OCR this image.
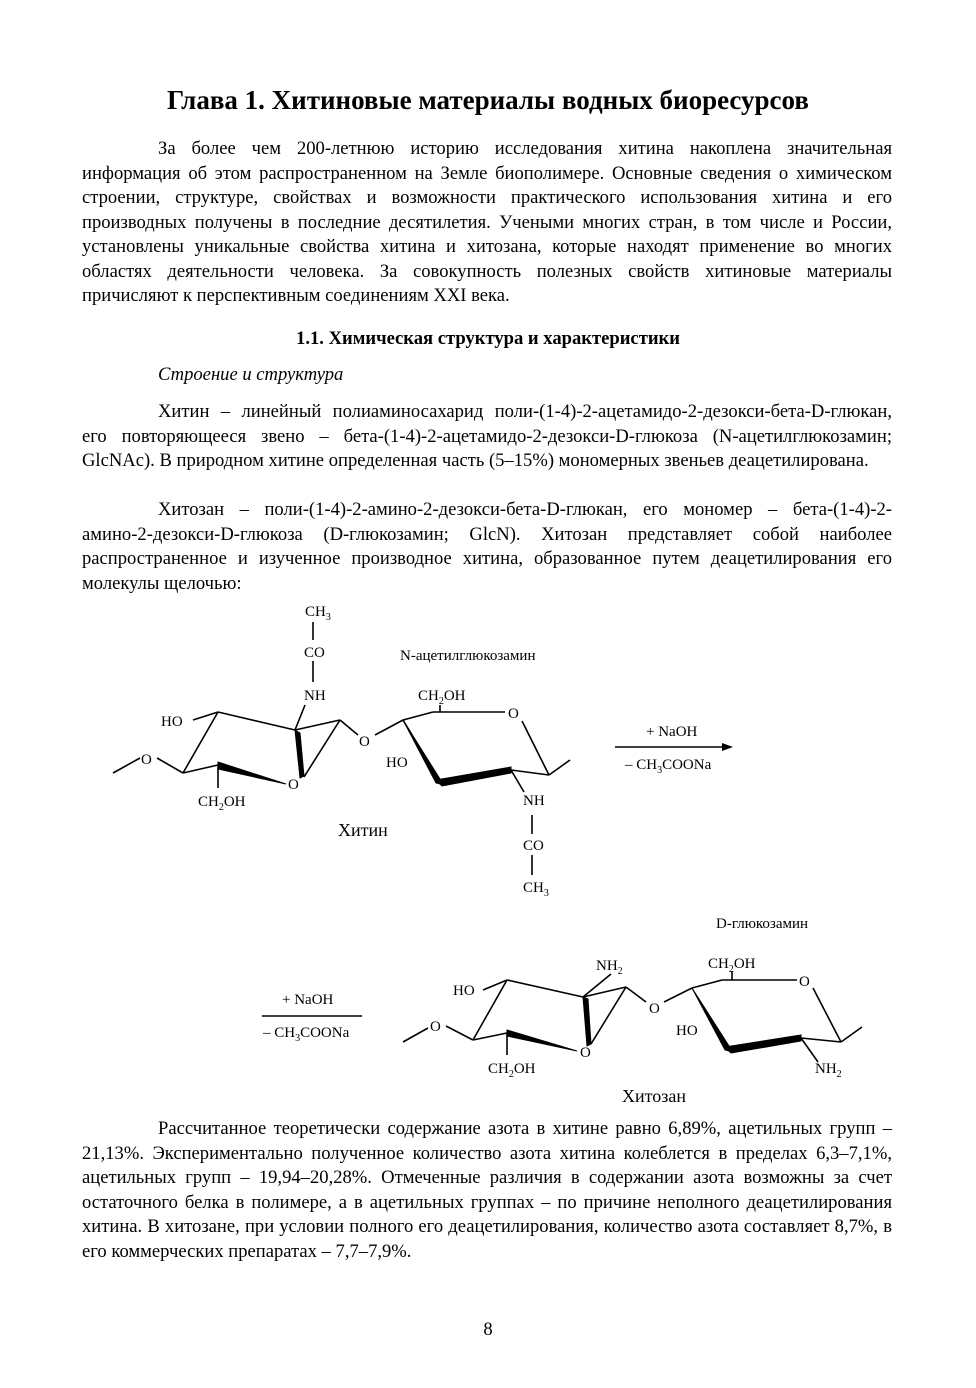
Глава 1. Хитиновые материалы водных биоресурсов

За более чем 200-летнюю историю исследования хитина накоплена значительная информация об этом распространенном на Земле биополимере. Основные сведения о химическом строении, структуре, свойствах и возможности практического использования хитина и его производных получены в последние десятилетия. Учеными многих стран, в том числе и России, установлены уникальные свойства хитина и хитозана, которые находят применение во многих областях деятельности человека. За совокупность полезных свойств хитиновые материалы причисляют к перспективным соединениям XXI века.

1.1. Химическая структура и характеристики

Строение и структура

Хитин – линейный полиаминосахарид поли-(1-4)-2-ацетамидо-2-дезокси-бета-D-глюкан, его повторяющееся звено – бета-(1-4)-2-ацетамидо-2-дезокси-D-глюкоза (N-ацетилглюкозамин; GlcNAc). В природном хитине определенная часть (5–15%) мономерных звеньев деацетилирована.

Хитозан – поли-(1-4)-2-амино-2-дезокси-бета-D-глюкан, его мономер – бета-(1-4)-2-амино-2-дезокси-D-глюкоза (D-глюкозамин; GlcN). Хитозан представляет собой наиболее распространенное и изученное производное хитина, образованное путем деацетилирования его молекулы щелочью:

$CH_3$
CO
NH
HO
O
O
$CH_2OH$
O
$CH_2OH$
O
HO
NH
CO
$CH_3$
N-ацетилглюкозамин
Хитин
+ NaOH
– $CH_3COONa$
+ NaOH
– $CH_3COONa$
$NH_2$
HO
O
O
$CH_2OH$
O
$CH_2OH$
O
HO
$NH_2$
D-глюкозамин
Хитозан

Рассчитанное теоретически содержание азота в хитине равно 6,89%, ацетильных групп – 21,13%. Экспериментально полученное количество азота хитина колеблется в пределах 6,3–7,1%, ацетильных групп – 19,94–20,28%. Отмеченные различия в содержании азота возможны за счет остаточного белка в полимере, а в ацетильных группах – по причине неполного деацетилирования хитина. В хитозане, при условии полного его деацетилирования, количество азота составляет 8,7%, в его коммерческих препаратах – 7,7–7,9%.

8
